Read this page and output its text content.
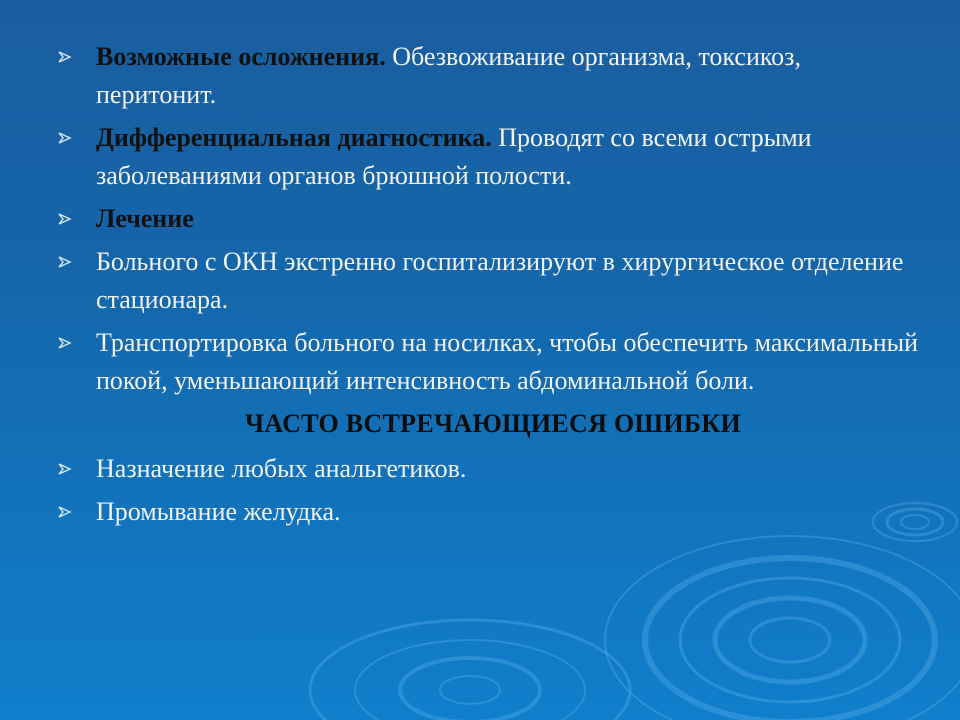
Возможные осложнения. Обезвоживание организма, токсикоз, перитонит.
Дифференциальная диагностика. Проводят со всеми острыми заболеваниями органов брюшной полости.
Лечение
Больного с ОКН экстренно госпитализируют в хирургическое отделение стационара.
Транспортировка больного на носилках, чтобы обеспечить максимальный покой, уменьшающий интенсивность абдоминальной боли.
ЧАСТО ВСТРЕЧАЮЩИЕСЯ ОШИБКИ
Назначение любых анальгетиков.
Промывание желудка.
